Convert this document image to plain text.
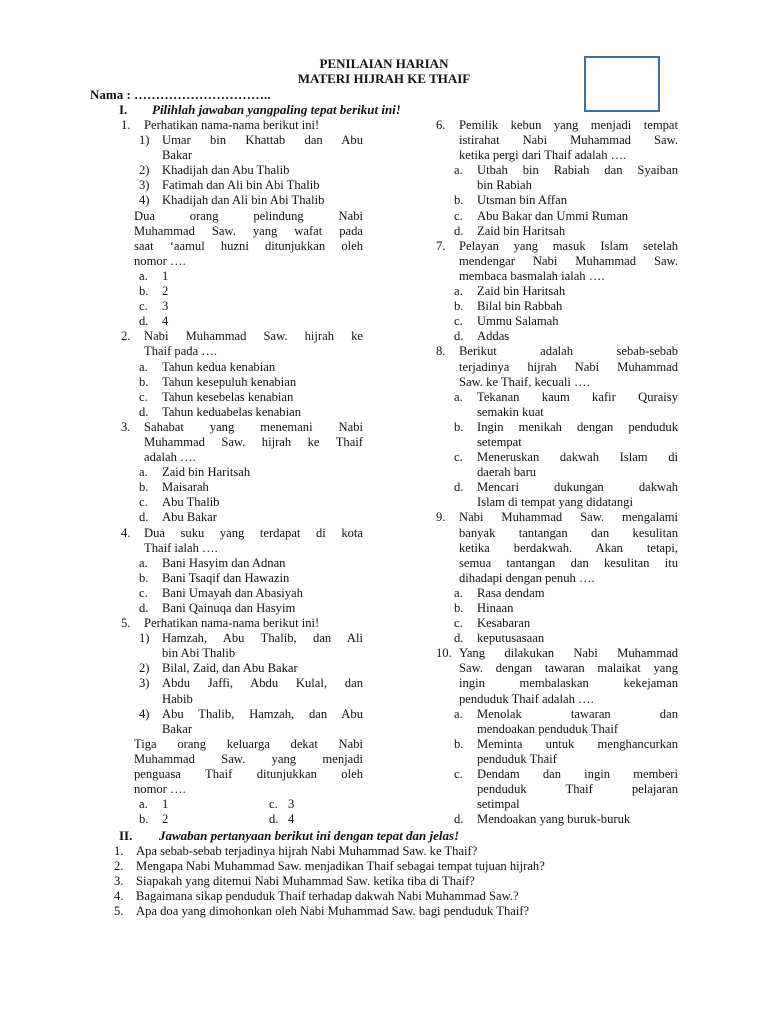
PENILAIAN HARIAN
MATERI HIJRAH KE THAIF
Nama : …………………………..
I. Pilihlah jawaban yangpaling tepat berikut ini!
1. Perhatikan nama-nama berikut ini!
1) Umar bin Khattab dan Abu
Bakar
2) Khadijah dan Abu Thalib
3) Fatimah dan Ali bin Abi Thalib
4) Khadijah dan Ali bin Abi Thalib
Dua orang pelindung Nabi
Muhammad Saw. yang wafat pada
saat ‘aamul huzni ditunjukkan oleh
nomor ….
a. 1
b. 2
c. 3
d. 4
2. Nabi Muhammad Saw. hijrah ke
Thaif pada ….
a. Tahun kedua kenabian
b. Tahun kesepuluh kenabian
c. Tahun kesebelas kenabian
d. Tahun keduabelas kenabian
3. Sahabat yang menemani Nabi
Muhammad Saw. hijrah ke Thaif
adalah ….
a. Zaid bin Haritsah
b. Maisarah
c. Abu Thalib
d. Abu Bakar
4. Dua suku yang terdapat di kota
Thaif ialah ….
a. Bani Hasyim dan Adnan
b. Bani Tsaqif dan Hawazin
c. Bani Umayah dan Abasiyah
d. Bani Qainuqa dan Hasyim
5. Perhatikan nama-nama berikut ini!
1) Hamzah, Abu Thalib, dan Ali
bin Abi Thalib
2) Bilal, Zaid, dan Abu Bakar
3) Abdu Jaffi, Abdu Kulal, dan
Habib
4) Abu Thalib, Hamzah, dan Abu
Bakar
Tiga orang keluarga dekat Nabi
Muhammad Saw. yang menjadi
penguasa Thaif ditunjukkan oleh
nomor ….
a. 1	c. 3
b. 2	d. 4
6. Pemilik kebun yang menjadi tempat
istirahat Nabi Muhammad Saw.
ketika pergi dari Thaif adalah ….
a. Utbah bin Rabiah dan Syaiban
bin Rabiah
b. Utsman bin Affan
c. Abu Bakar dan Ummi Ruman
d. Zaid bin Haritsah
7. Pelayan yang masuk Islam setelah
mendengar Nabi Muhammad Saw.
membaca basmalah ialah ….
a. Zaid bin Haritsah
b. Bilal bin Rabbah
c. Ummu Salamah
d. Addas
8. Berikut adalah sebab-sebab
terjadinya hijrah Nabi Muhammad
Saw. ke Thaif, kecuali ….
a. Tekanan kaum kafir Quraisy
semakin kuat
b. Ingin menikah dengan penduduk
setempat
c. Meneruskan dakwah Islam di
daerah baru
d. Mencari dukungan dakwah
Islam di tempat yang didatangi
9. Nabi Muhammad Saw. mengalami
banyak tantangan dan kesulitan
ketika berdakwah. Akan tetapi,
semua tantangan dan kesulitan itu
dihadapi dengan penuh ….
a. Rasa dendam
b. Hinaan
c. Kesabaran
d. keputusasaan
10. Yang dilakukan Nabi Muhammad
Saw. dengan tawaran malaikat yang
ingin membalaskan kekejaman
penduduk Thaif adalah ….
a. Menolak tawaran dan
mendoakan penduduk Thaif
b. Meminta untuk menghancurkan
penduduk Thaif
c. Dendam dan ingin memberi
penduduk Thaif pelajaran
setimpal
d. Mendoakan yang buruk-buruk
II. Jawaban pertanyaan berikut ini dengan tepat dan jelas!
1. Apa sebab-sebab terjadinya hijrah Nabi Muhammad Saw. ke Thaif?
2. Mengapa Nabi Muhammad Saw. menjadikan Thaif sebagai tempat tujuan hijrah?
3. Siapakah yang ditemui Nabi Muhammad Saw. ketika tiba di Thaif?
4. Bagaimana sikap penduduk Thaif terhadap dakwah Nabi Muhammad Saw.?
5. Apa doa yang dimohonkan oleh Nabi Muhammad Saw. bagi penduduk Thaif?
